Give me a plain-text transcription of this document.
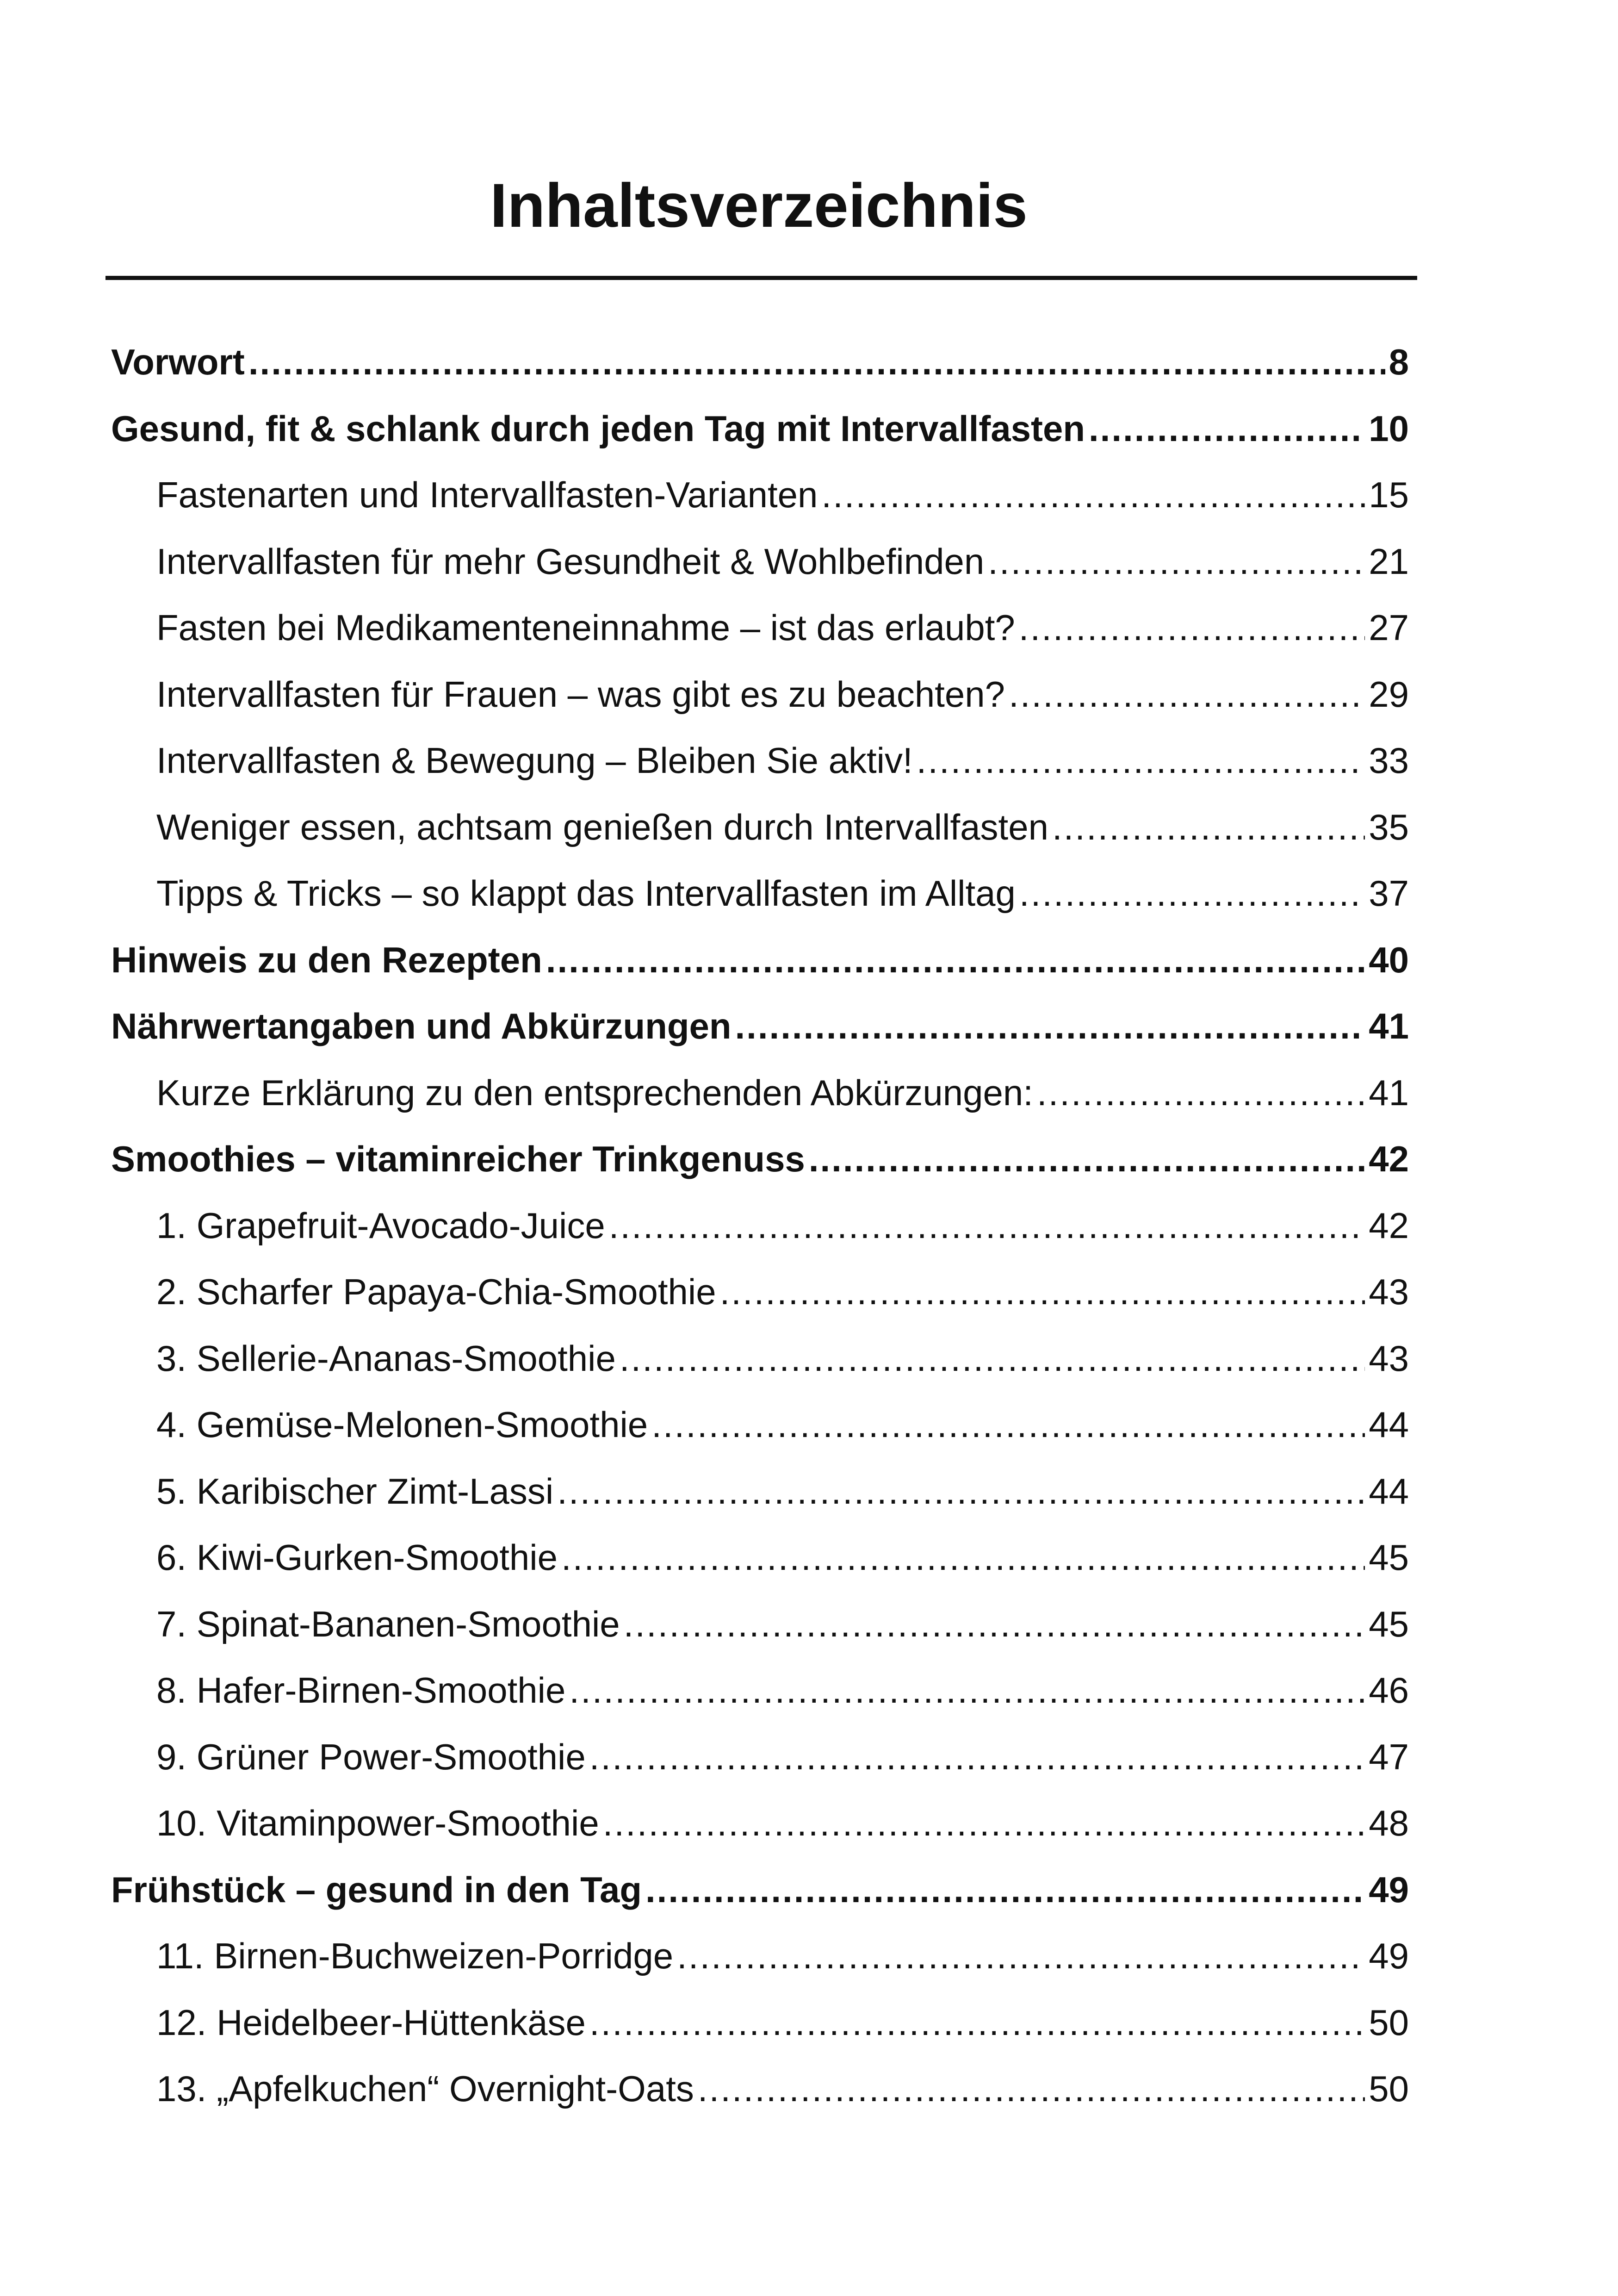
Inhaltsverzeichnis
Vorwort .....	8
Gesund, fit & schlank durch jeden Tag mit Intervallfasten .....	10
Fastenarten und Intervallfasten-Varianten .....	15
Intervallfasten für mehr Gesundheit & Wohlbefinden .....	21
Fasten bei Medikamenteneinnahme – ist das erlaubt? .....	27
Intervallfasten für Frauen – was gibt es zu beachten? .....	29
Intervallfasten & Bewegung – Bleiben Sie aktiv! .....	33
Weniger essen, achtsam genießen durch Intervallfasten .....	35
Tipps & Tricks – so klappt das Intervallfasten im Alltag .....	37
Hinweis zu den Rezepten .....	40
Nährwertangaben und Abkürzungen .....	41
Kurze Erklärung zu den entsprechenden Abkürzungen: .....	41
Smoothies – vitaminreicher Trinkgenuss .....	42
1. Grapefruit-Avocado-Juice .....	42
2. Scharfer Papaya-Chia-Smoothie .....	43
3. Sellerie-Ananas-Smoothie .....	43
4. Gemüse-Melonen-Smoothie .....	44
5. Karibischer Zimt-Lassi .....	44
6. Kiwi-Gurken-Smoothie .....	45
7. Spinat-Bananen-Smoothie .....	45
8. Hafer-Birnen-Smoothie .....	46
9. Grüner Power-Smoothie .....	47
10. Vitaminpower-Smoothie .....	48
Frühstück – gesund in den Tag .....	49
11. Birnen-Buchweizen-Porridge .....	49
12. Heidelbeer-Hüttenkäse .....	50
13. „Apfelkuchen“ Overnight-Oats .....	50
